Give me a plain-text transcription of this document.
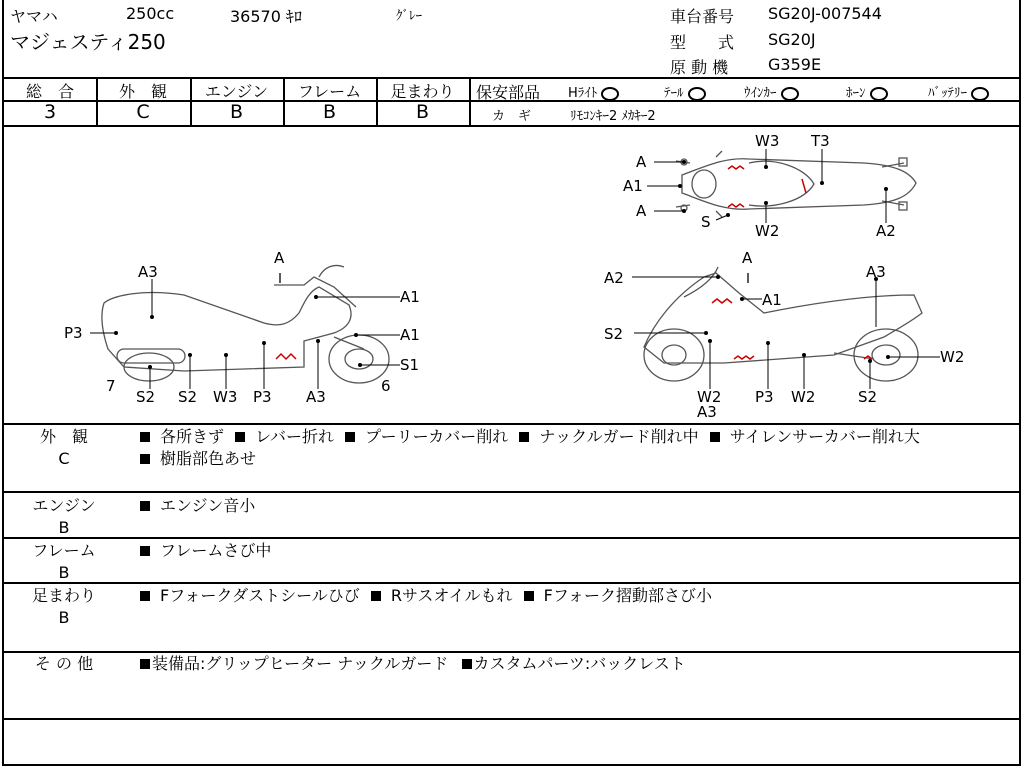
ヤマハ	250cc	36570 ｷﾛ	ｸﾞﾚｰ
マジェスティ250
車台番号 SG20J-007544
型　　式 SG20J
原 動 機 G359E
総　合	外　観	エンジン	フレーム	足まわり
3	C	B	B	B
保安部品 Hﾗｲﾄ	ﾃｰﾙ	ｳｲﾝｶｰ	ﾎｰﾝ	ﾊﾞｯﾃﾘｰ
カ　ギ	ﾘﾓｺﾝｷｰ2 ﾒｶｷｰ2
A
A1
A
S
W3 T3
W2	A2
A3
A
A1
P3	A1
S1
7
S2 S2 W3 P3 A3
6
A2
A
A1
A3
S2
W2
W2
A3
P3 W2	S2
外　観
C
各所きず レバー折れ プーリーカバー削れ ナックルガード削れ中 サイレンサーカバー削れ大
樹脂部色あせ
エンジン
B
エンジン音小
フレーム
B
フレームさび中
足まわり
B
Fフォークダストシールひび Rサスオイルもれ Fフォーク摺動部さび小
そ の 他	装備品:グリップヒーター ナックルガード カスタムパーツ:バックレスト
